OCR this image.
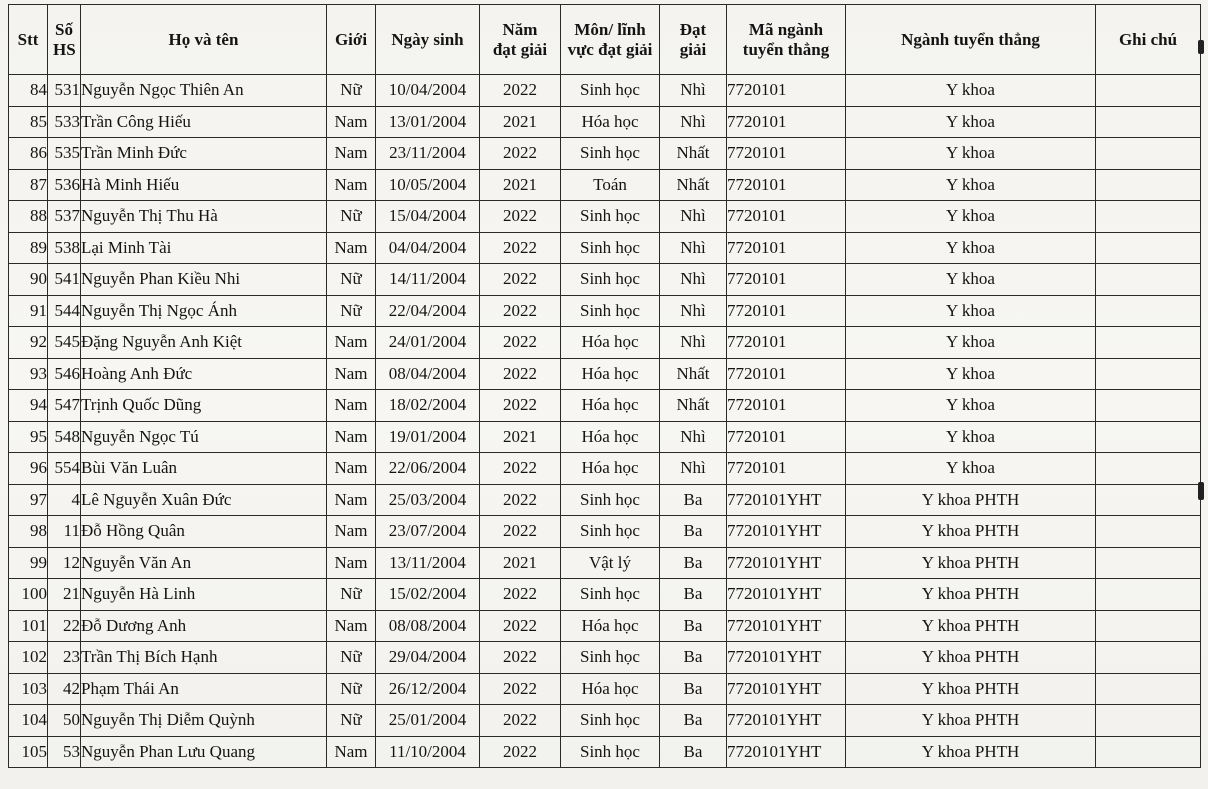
Stt	Số HS	Họ và tên	Giới	Ngày sinh	Năm đạt giải	Môn/ lĩnh vực đạt giải	Đạt giải	Mã ngành tuyển thẳng	Ngành tuyển thẳng	Ghi chú
84	531	Nguyễn Ngọc Thiên An	Nữ	10/04/2004	2022	Sinh học	Nhì	7720101	Y khoa	
85	533	Trần Công Hiếu	Nam	13/01/2004	2021	Hóa học	Nhì	7720101	Y khoa	
86	535	Trần Minh Đức	Nam	23/11/2004	2022	Sinh học	Nhất	7720101	Y khoa	
87	536	Hà Minh Hiếu	Nam	10/05/2004	2021	Toán	Nhất	7720101	Y khoa	
88	537	Nguyễn Thị Thu Hà	Nữ	15/04/2004	2022	Sinh học	Nhì	7720101	Y khoa	
89	538	Lại Minh Tài	Nam	04/04/2004	2022	Sinh học	Nhì	7720101	Y khoa	
90	541	Nguyễn Phan Kiều Nhi	Nữ	14/11/2004	2022	Sinh học	Nhì	7720101	Y khoa	
91	544	Nguyễn Thị Ngọc Ánh	Nữ	22/04/2004	2022	Sinh học	Nhì	7720101	Y khoa	
92	545	Đặng Nguyễn Anh Kiệt	Nam	24/01/2004	2022	Hóa học	Nhì	7720101	Y khoa	
93	546	Hoàng Anh Đức	Nam	08/04/2004	2022	Hóa học	Nhất	7720101	Y khoa	
94	547	Trịnh Quốc Dũng	Nam	18/02/2004	2022	Hóa học	Nhất	7720101	Y khoa	
95	548	Nguyễn Ngọc Tú	Nam	19/01/2004	2021	Hóa học	Nhì	7720101	Y khoa	
96	554	Bùi Văn Luân	Nam	22/06/2004	2022	Hóa học	Nhì	7720101	Y khoa	
97	4	Lê Nguyễn Xuân Đức	Nam	25/03/2004	2022	Sinh học	Ba	7720101YHT	Y khoa PHTH	
98	11	Đỗ Hồng Quân	Nam	23/07/2004	2022	Sinh học	Ba	7720101YHT	Y khoa PHTH	
99	12	Nguyễn Văn An	Nam	13/11/2004	2021	Vật lý	Ba	7720101YHT	Y khoa PHTH	
100	21	Nguyễn Hà Linh	Nữ	15/02/2004	2022	Sinh học	Ba	7720101YHT	Y khoa PHTH	
101	22	Đỗ Dương Anh	Nam	08/08/2004	2022	Hóa học	Ba	7720101YHT	Y khoa PHTH	
102	23	Trần Thị Bích Hạnh	Nữ	29/04/2004	2022	Sinh học	Ba	7720101YHT	Y khoa PHTH	
103	42	Phạm Thái An	Nữ	26/12/2004	2022	Hóa học	Ba	7720101YHT	Y khoa PHTH	
104	50	Nguyễn Thị Diễm Quỳnh	Nữ	25/01/2004	2022	Sinh học	Ba	7720101YHT	Y khoa PHTH	
105	53	Nguyễn Phan Lưu Quang	Nam	11/10/2004	2022	Sinh học	Ba	7720101YHT	Y khoa PHTH	
